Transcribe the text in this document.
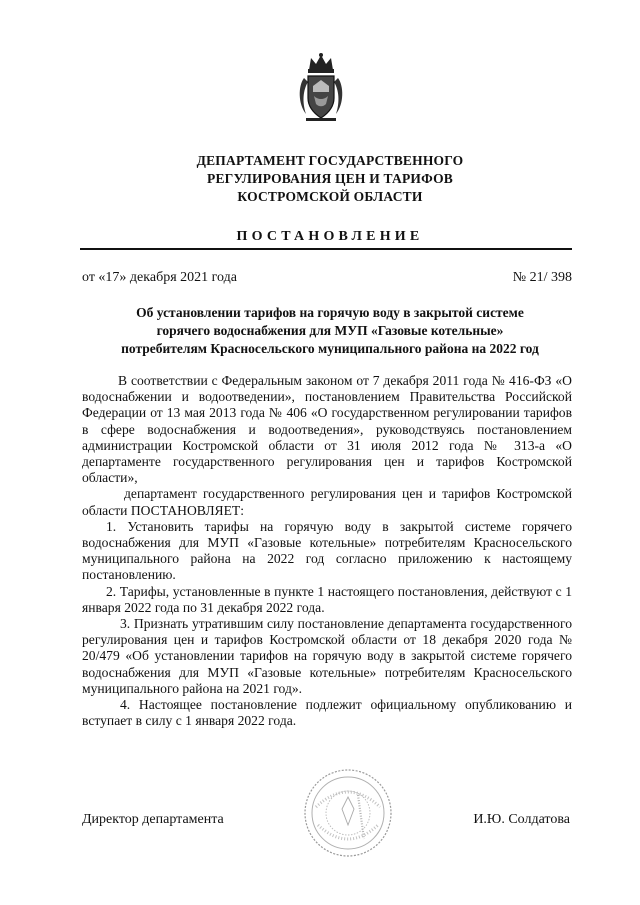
ДЕПАРТАМЕНТ ГОСУДАРСТВЕННОГО
РЕГУЛИРОВАНИЯ ЦЕН И ТАРИФОВ
КОСТРОМСКОЙ ОБЛАСТИ
ПОСТАНОВЛЕНИЕ
от «17» декабря 2021 года	№ 21/ 398
Об установлении тарифов на горячую воду в закрытой системе
горячего водоснабжения для МУП «Газовые котельные»
потребителям Красносельского муниципального района на 2022 год

В соответствии с Федеральным законом от 7 декабря 2011 года № 416-ФЗ «О водоснабжении и водоотведении», постановлением Правительства Российской Федерации от 13 мая 2013 года № 406 «О государственном регулировании тарифов в сфере водоснабжения и водоотведения», руководствуясь постановлением администрации Костромской области от 31 июля 2012 года № 313-а «О департаменте государственного регулирования цен и тарифов Костромской области»,

департамент государственного регулирования цен и тарифов Костромской области ПОСТАНОВЛЯЕТ:

1. Установить тарифы на горячую воду в закрытой системе горячего водоснабжения для МУП «Газовые котельные» потребителям Красносельского муниципального района на 2022 год согласно приложению к настоящему постановлению.

2. Тарифы, установленные в пункте 1 настоящего постановления, действуют с 1 января 2022 года по 31 декабря 2022 года.

3. Признать утратившим силу постановление департамента государственного регулирования цен и тарифов Костромской области от 18 декабря 2020 года № 20/479 «Об установлении тарифов на горячую воду в закрытой системе горячего водоснабжения для МУП «Газовые котельные» потребителям Красносельского муниципального района на 2021 год».

4. Настоящее постановление подлежит официальному опубликованию и вступает в силу с 1 января 2022 года.

Директор департамента	И.Ю. Солдатова
